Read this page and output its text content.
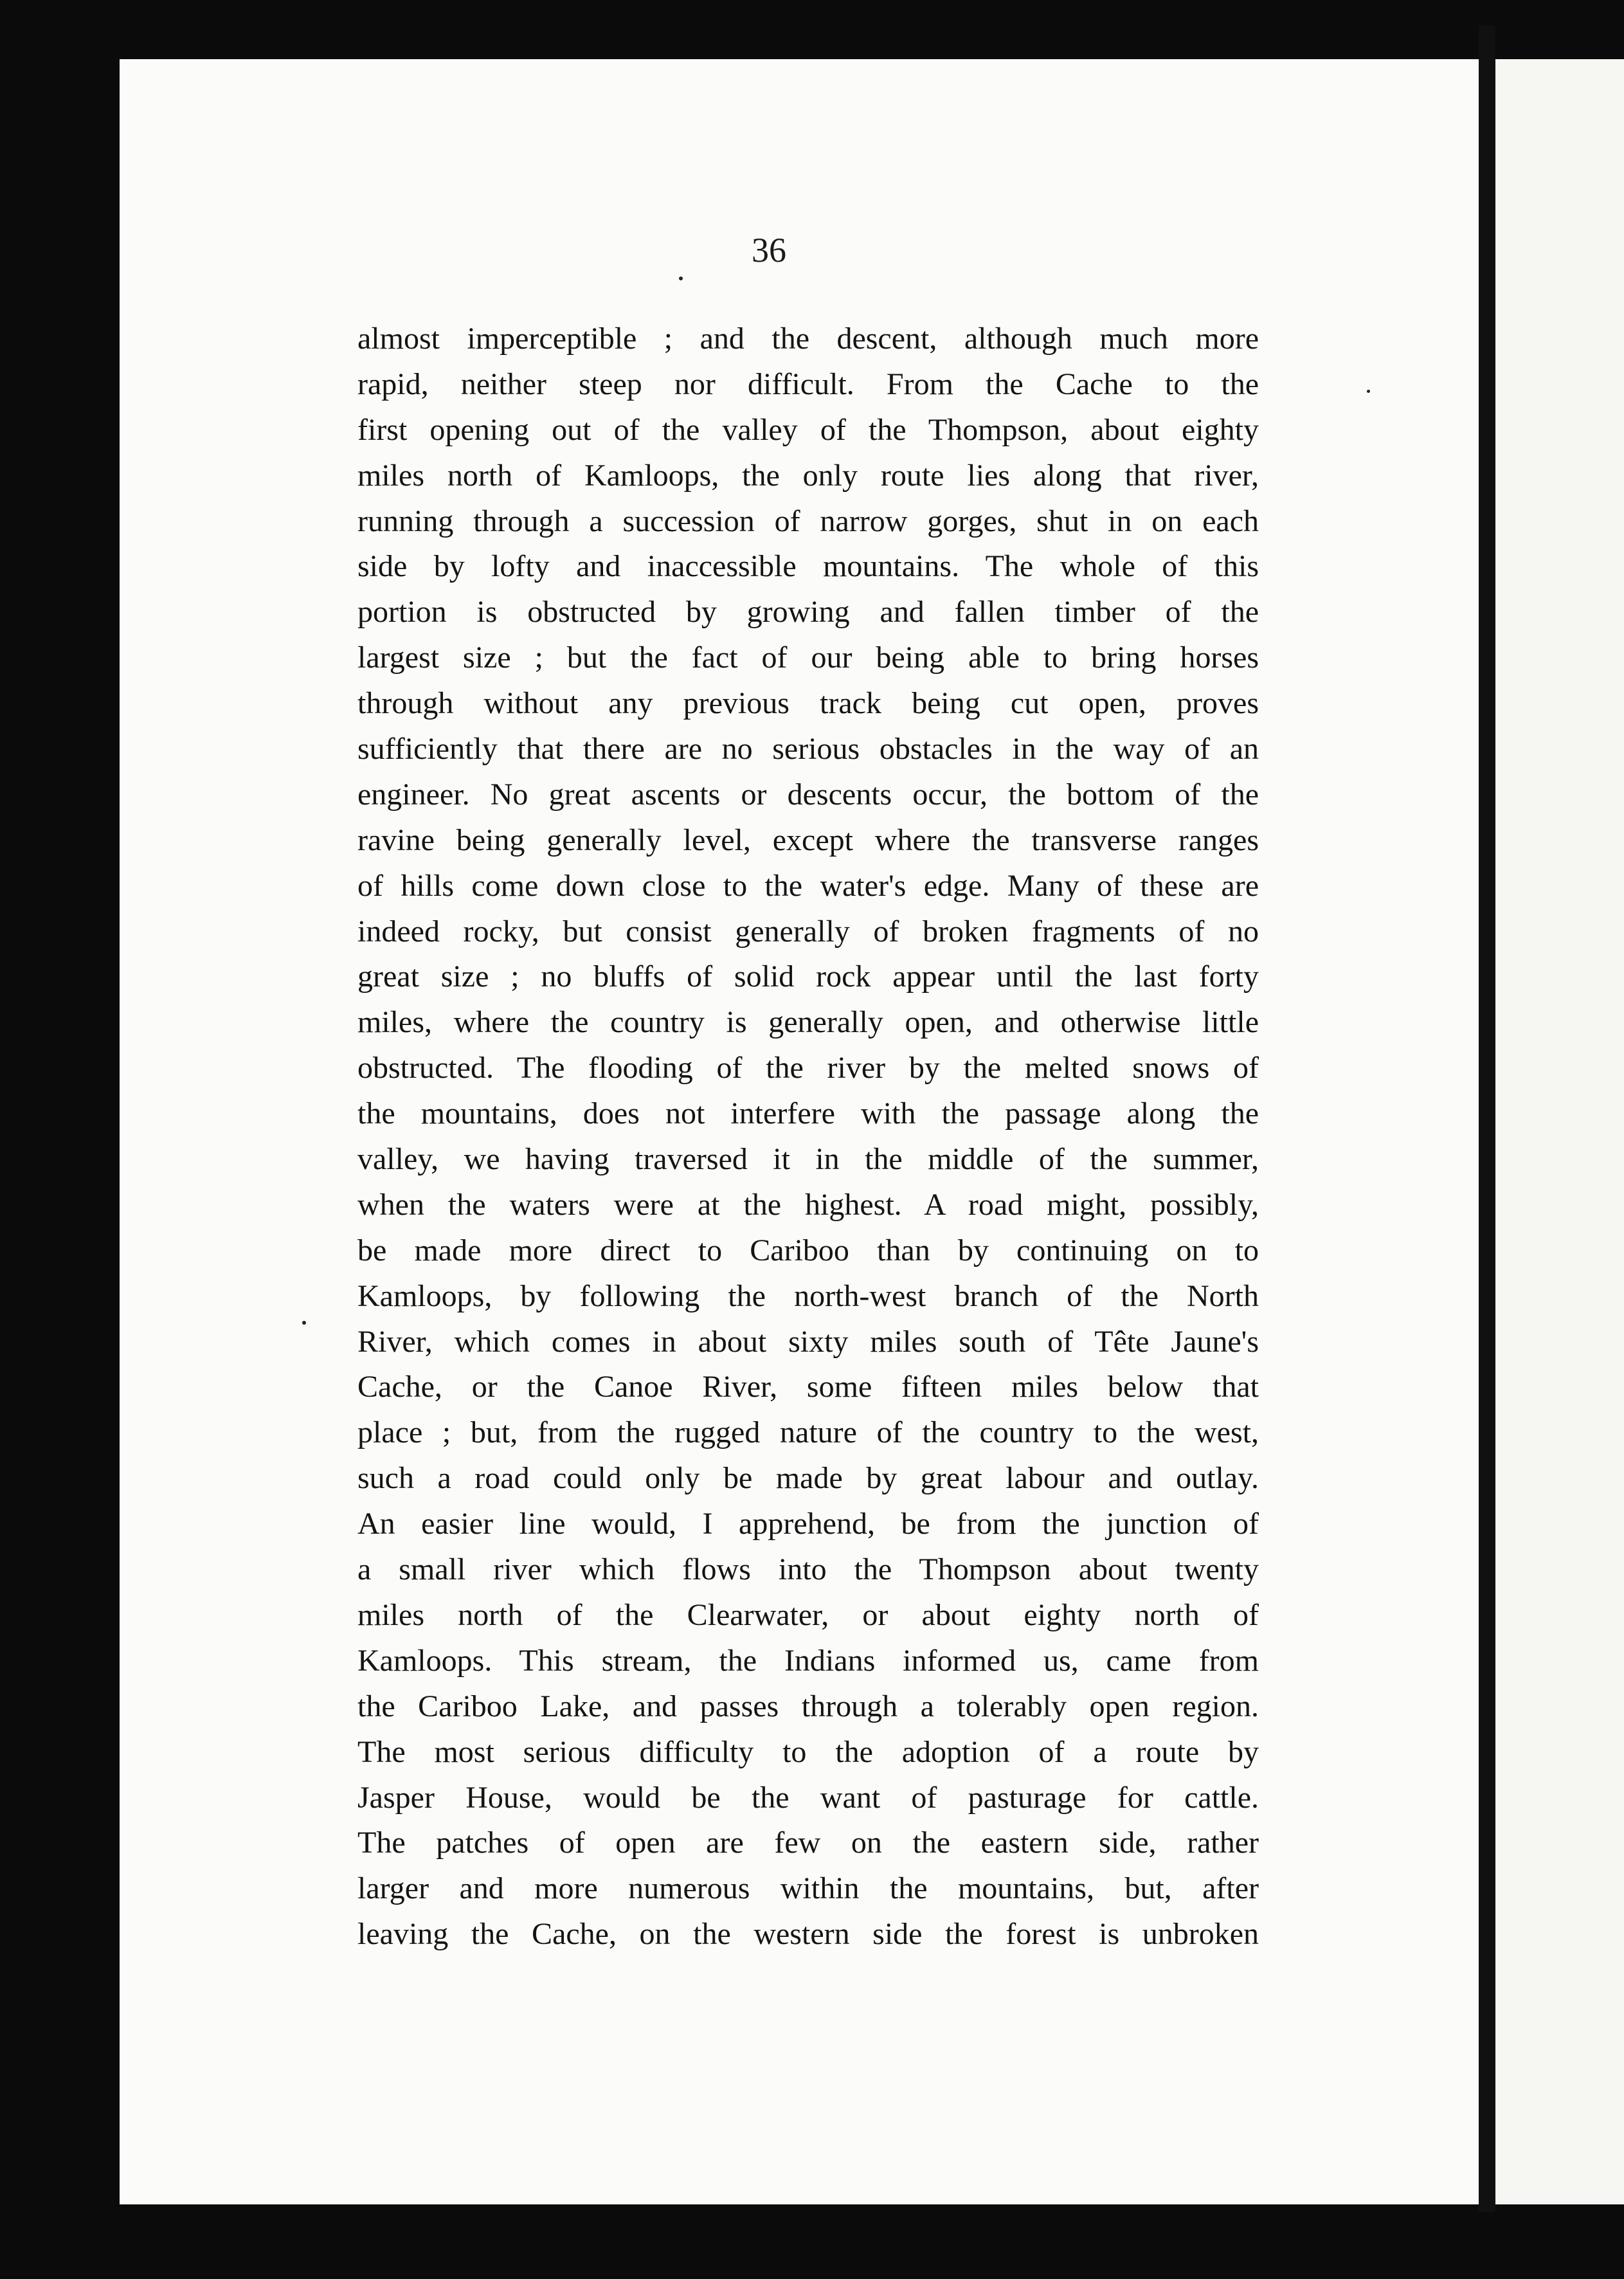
36
almost imperceptible ; and the descent, although much more
rapid, neither steep nor difficult. From the Cache to the
first opening out of the valley of the Thompson, about eighty
miles north of Kamloops, the only route lies along that river,
running through a succession of narrow gorges, shut in on each
side by lofty and inaccessible mountains. The whole of this
portion is obstructed by growing and fallen timber of the
largest size ; but the fact of our being able to bring horses
through without any previous track being cut open, proves
sufficiently that there are no serious obstacles in the way of an
engineer. No great ascents or descents occur, the bottom of the
ravine being generally level, except where the transverse ranges
of hills come down close to the water's edge. Many of these are
indeed rocky, but consist generally of broken fragments of no
great size ; no bluffs of solid rock appear until the last forty
miles, where the country is generally open, and otherwise little
obstructed. The flooding of the river by the melted snows of
the mountains, does not interfere with the passage along the
valley, we having traversed it in the middle of the summer,
when the waters were at the highest. A road might, possibly,
be made more direct to Cariboo than by continuing on to
Kamloops, by following the north-west branch of the North
River, which comes in about sixty miles south of Tête Jaune's
Cache, or the Canoe River, some fifteen miles below that
place ; but, from the rugged nature of the country to the west,
such a road could only be made by great labour and outlay.
An easier line would, I apprehend, be from the junction of
a small river which flows into the Thompson about twenty
miles north of the Clearwater, or about eighty north of
Kamloops. This stream, the Indians informed us, came from
the Cariboo Lake, and passes through a tolerably open region.
The most serious difficulty to the adoption of a route by
Jasper House, would be the want of pasturage for cattle.
The patches of open are few on the eastern side, rather
larger and more numerous within the mountains, but, after
leaving the Cache, on the western side the forest is unbroken
